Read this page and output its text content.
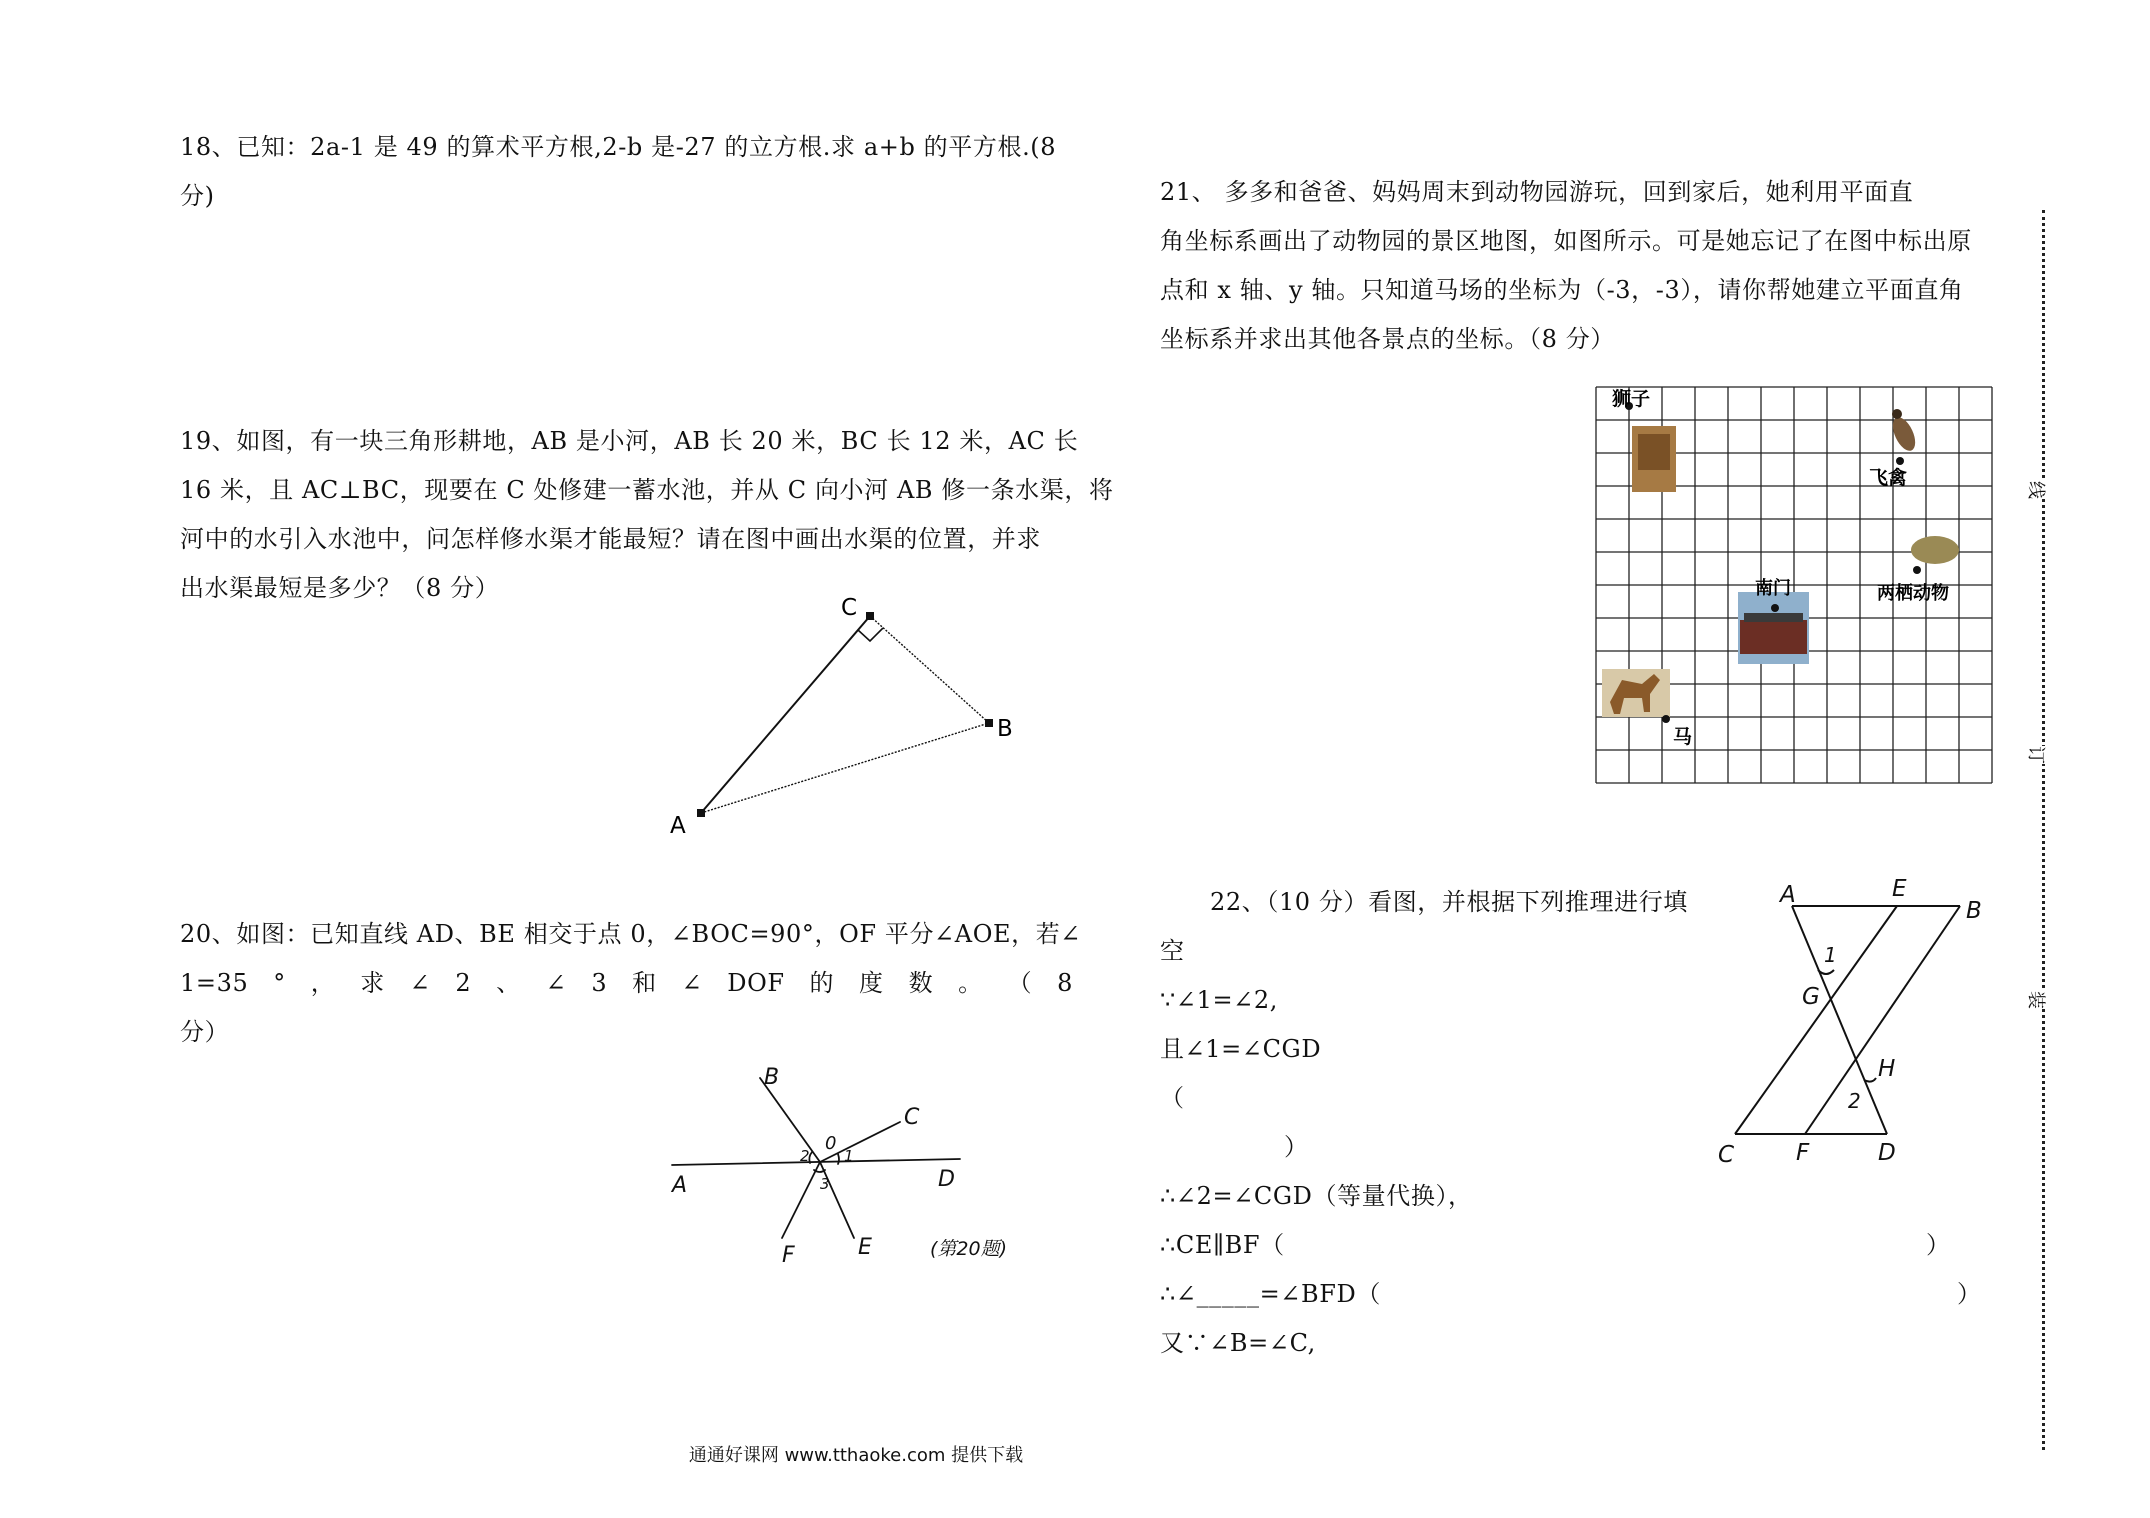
18、已知：2a-1 是 49 的算术平方根,2-b 是-27 的立方根.求 a+b 的平方根.(8

分)

19、如图，有一块三角形耕地，AB 是小河，AB 长 20 米，BC 长 12 米，AC 长

16 米，且 AC⊥BC，现要在 C 处修建一蓄水池，并从 C 向小河 AB 修一条水渠，将

河中的水引入水池中，问怎样修水渠才能最短？请在图中画出水渠的位置，并求

出水渠最短是多少？（8 分）

C
B
A

20、如图：已知直线 AD、BE 相交于点 0，∠BOC=90°，OF 平分∠AOE，若∠

1=35 ° ， 求 ∠ 2 、 ∠ 3 和 ∠ DOF 的 度 数 。 （ 8

分）

B
C
0
A	D
F	E
1
2
3
(第20题)

21、 多多和爸爸、妈妈周末到动物园游玩，回到家后，她利用平面直

角坐标系画出了动物园的景区地图，如图所示。可是她忘记了在图中标出原

点和 x 轴、y 轴。只知道马场的坐标为（-3，-3），请你帮她建立平面直角

坐标系并求出其他各景点的坐标。（8 分）

狮子
飞禽
两栖动物
南门
马

22、（10 分）看图，并根据下列推理进行填

空

∵∠1=∠2,

且∠1=∠CGD

（

）

∴∠2=∠CGD（等量代换），

∴CE∥BF（	）
∴∠_____=∠BFD（	）

又∵∠B=∠C,

A	E
B
1
G
H
2
C	F	D
线
订
装
通通好课网 www.tthaoke.com 提供下载
